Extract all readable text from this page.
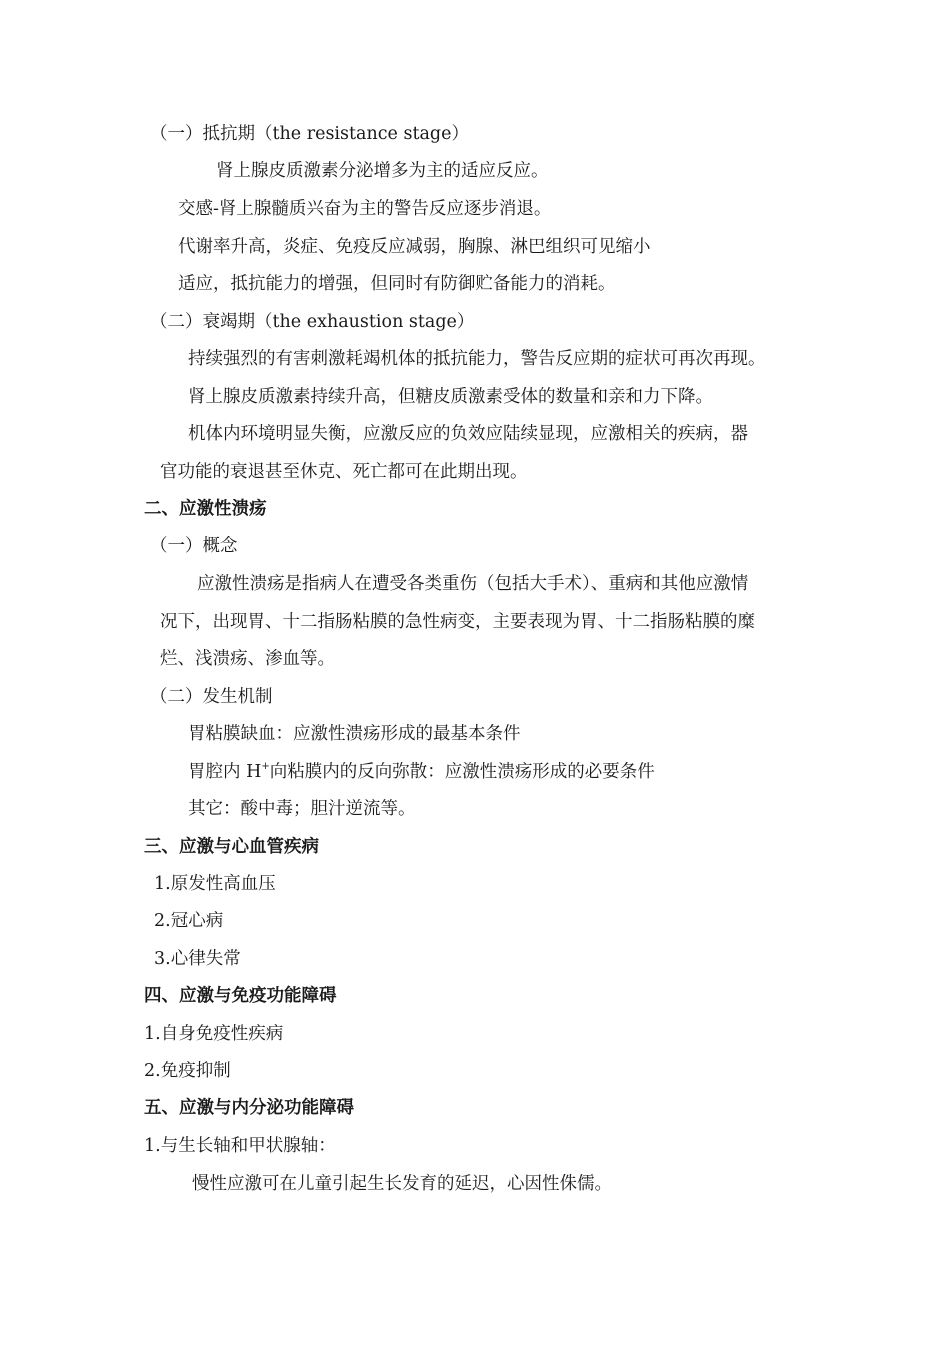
（一）抵抗期（the resistance stage）
肾上腺皮质激素分泌增多为主的适应反应。
交感-肾上腺髓质兴奋为主的警告反应逐步消退。
代谢率升高，炎症、免疫反应减弱，胸腺、淋巴组织可见缩小
适应，抵抗能力的增强，但同时有防御贮备能力的消耗。
（二）衰竭期（the exhaustion stage）
持续强烈的有害刺激耗竭机体的抵抗能力，警告反应期的症状可再次再现。
肾上腺皮质激素持续升高，但糖皮质激素受体的数量和亲和力下降。
机体内环境明显失衡，应激反应的负效应陆续显现，应激相关的疾病，器
官功能的衰退甚至休克、死亡都可在此期出现。
二、应激性溃疡
（一）概念
应激性溃疡是指病人在遭受各类重伤（包括大手术）、重病和其他应激情
况下，出现胃、十二指肠粘膜的急性病变，主要表现为胃、十二指肠粘膜的糜
烂、浅溃疡、渗血等。
（二）发生机制
胃粘膜缺血：应激性溃疡形成的最基本条件
胃腔内 H+向粘膜内的反向弥散：应激性溃疡形成的必要条件
其它：酸中毒；胆汁逆流等。
三、应激与心血管疾病
1.原发性高血压
2.冠心病
3.心律失常
四、应激与免疫功能障碍
1.自身免疫性疾病
2.免疫抑制
五、应激与内分泌功能障碍
1.与生长轴和甲状腺轴：
慢性应激可在儿童引起生长发育的延迟，心因性侏儒。
